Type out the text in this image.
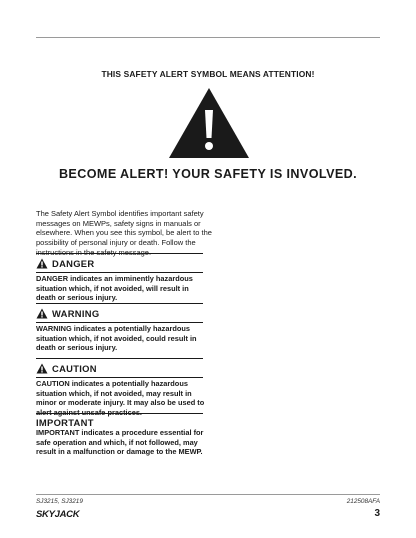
THIS SAFETY ALERT SYMBOL MEANS ATTENTION!
BECOME ALERT! YOUR SAFETY IS INVOLVED.
The Safety Alert Symbol identifies important safety messages on MEWPs, safety signs in manuals or elsewhere. When you see this symbol, be alert to the possibility of personal injury or death. Follow the instructions in the safety message.
DANGER
DANGER indicates an imminently hazardous situation which, if not avoided, will result in death or serious injury.
WARNING
WARNING indicates a potentially hazardous situation which, if not avoided, could result in death or serious injury.
CAUTION
CAUTION indicates a potentially hazardous situation which, if not avoided, may result in minor or moderate injury. It may also be used to alert against unsafe practices.
IMPORTANT
IMPORTANT indicates a procedure essential for safe operation and which, if not followed, may result in a malfunction or damage to the MEWP.
SJ3215, SJ3219	212508AFA
SKYJACK	3
